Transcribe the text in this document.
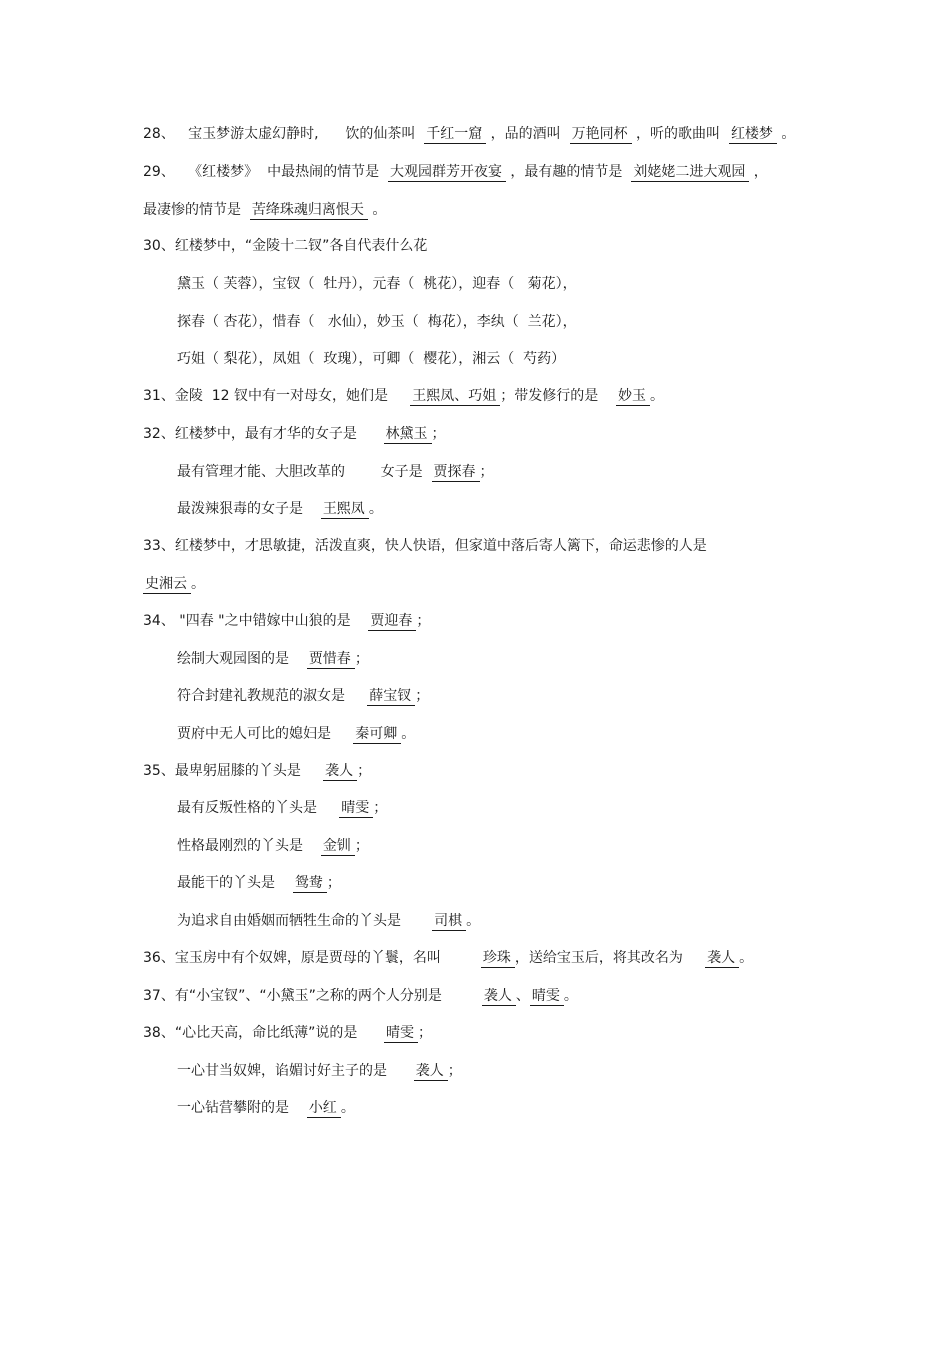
28、   宝玉梦游太虚幻静时,      饮的仙茶叫  千红一窟 ，品的酒叫  万艳同杯 ，听的歌曲叫  红楼梦 。
29、   《红楼梦》  中最热闹的情节是  大观园群芳开夜宴 ，最有趣的情节是  刘姥姥二进大观园 ，
最凄惨的情节是  苦绛珠魂归离恨天 。
30、红楼梦中，“金陵十二钗”各自代表什么花
黛玉（ 芙蓉），宝钗（  牡丹），元春（  桃花），迎春（   菊花），
探春（ 杏花），惜春（   水仙），妙玉（  梅花），李纨（  兰花），
巧姐（ 梨花），凤姐（  玫瑰），可卿（  樱花），湘云（  芍药）
31、金陵  12 钗中有一对母女，她们是     王熙凤、巧姐 ；带发修行的是    妙玉 。
32、红楼梦中，最有才华的女子是      林黛玉 ；
最有管理才能、大胆改革的        女子是  贾探春 ；
最泼辣狠毒的女子是    王熙凤 。
33、红楼梦中，才思敏捷，活泼直爽，快人快语，但家道中落后寄人篱下，命运悲惨的人是
史湘云 。
34、 "四春 "之中错嫁中山狼的是    贾迎春 ；
绘制大观园图的是    贾惜春 ；
符合封建礼教规范的淑女是     薛宝钗 ；
贾府中无人可比的媳妇是     秦可卿 。
35、最卑躬屈膝的丫头是     袭人 ；
最有反叛性格的丫头是     晴雯 ；
性格最刚烈的丫头是    金钏 ；
最能干的丫头是    鸳鸯 ；
为追求自由婚姻而牺牲生命的丫头是       司棋 。
36、宝玉房中有个奴婢，原是贾母的丫鬟，名叫         珍珠 ，送给宝玉后，将其改名为     袭人 。
37、有“小宝钗”、“小黛玉”之称的两个人分别是         袭人 、 晴雯 。
38、“心比天高，命比纸薄”说的是      晴雯 ；
一心甘当奴婢，谄媚讨好主子的是      袭人 ；
一心钻营攀附的是    小红 。
